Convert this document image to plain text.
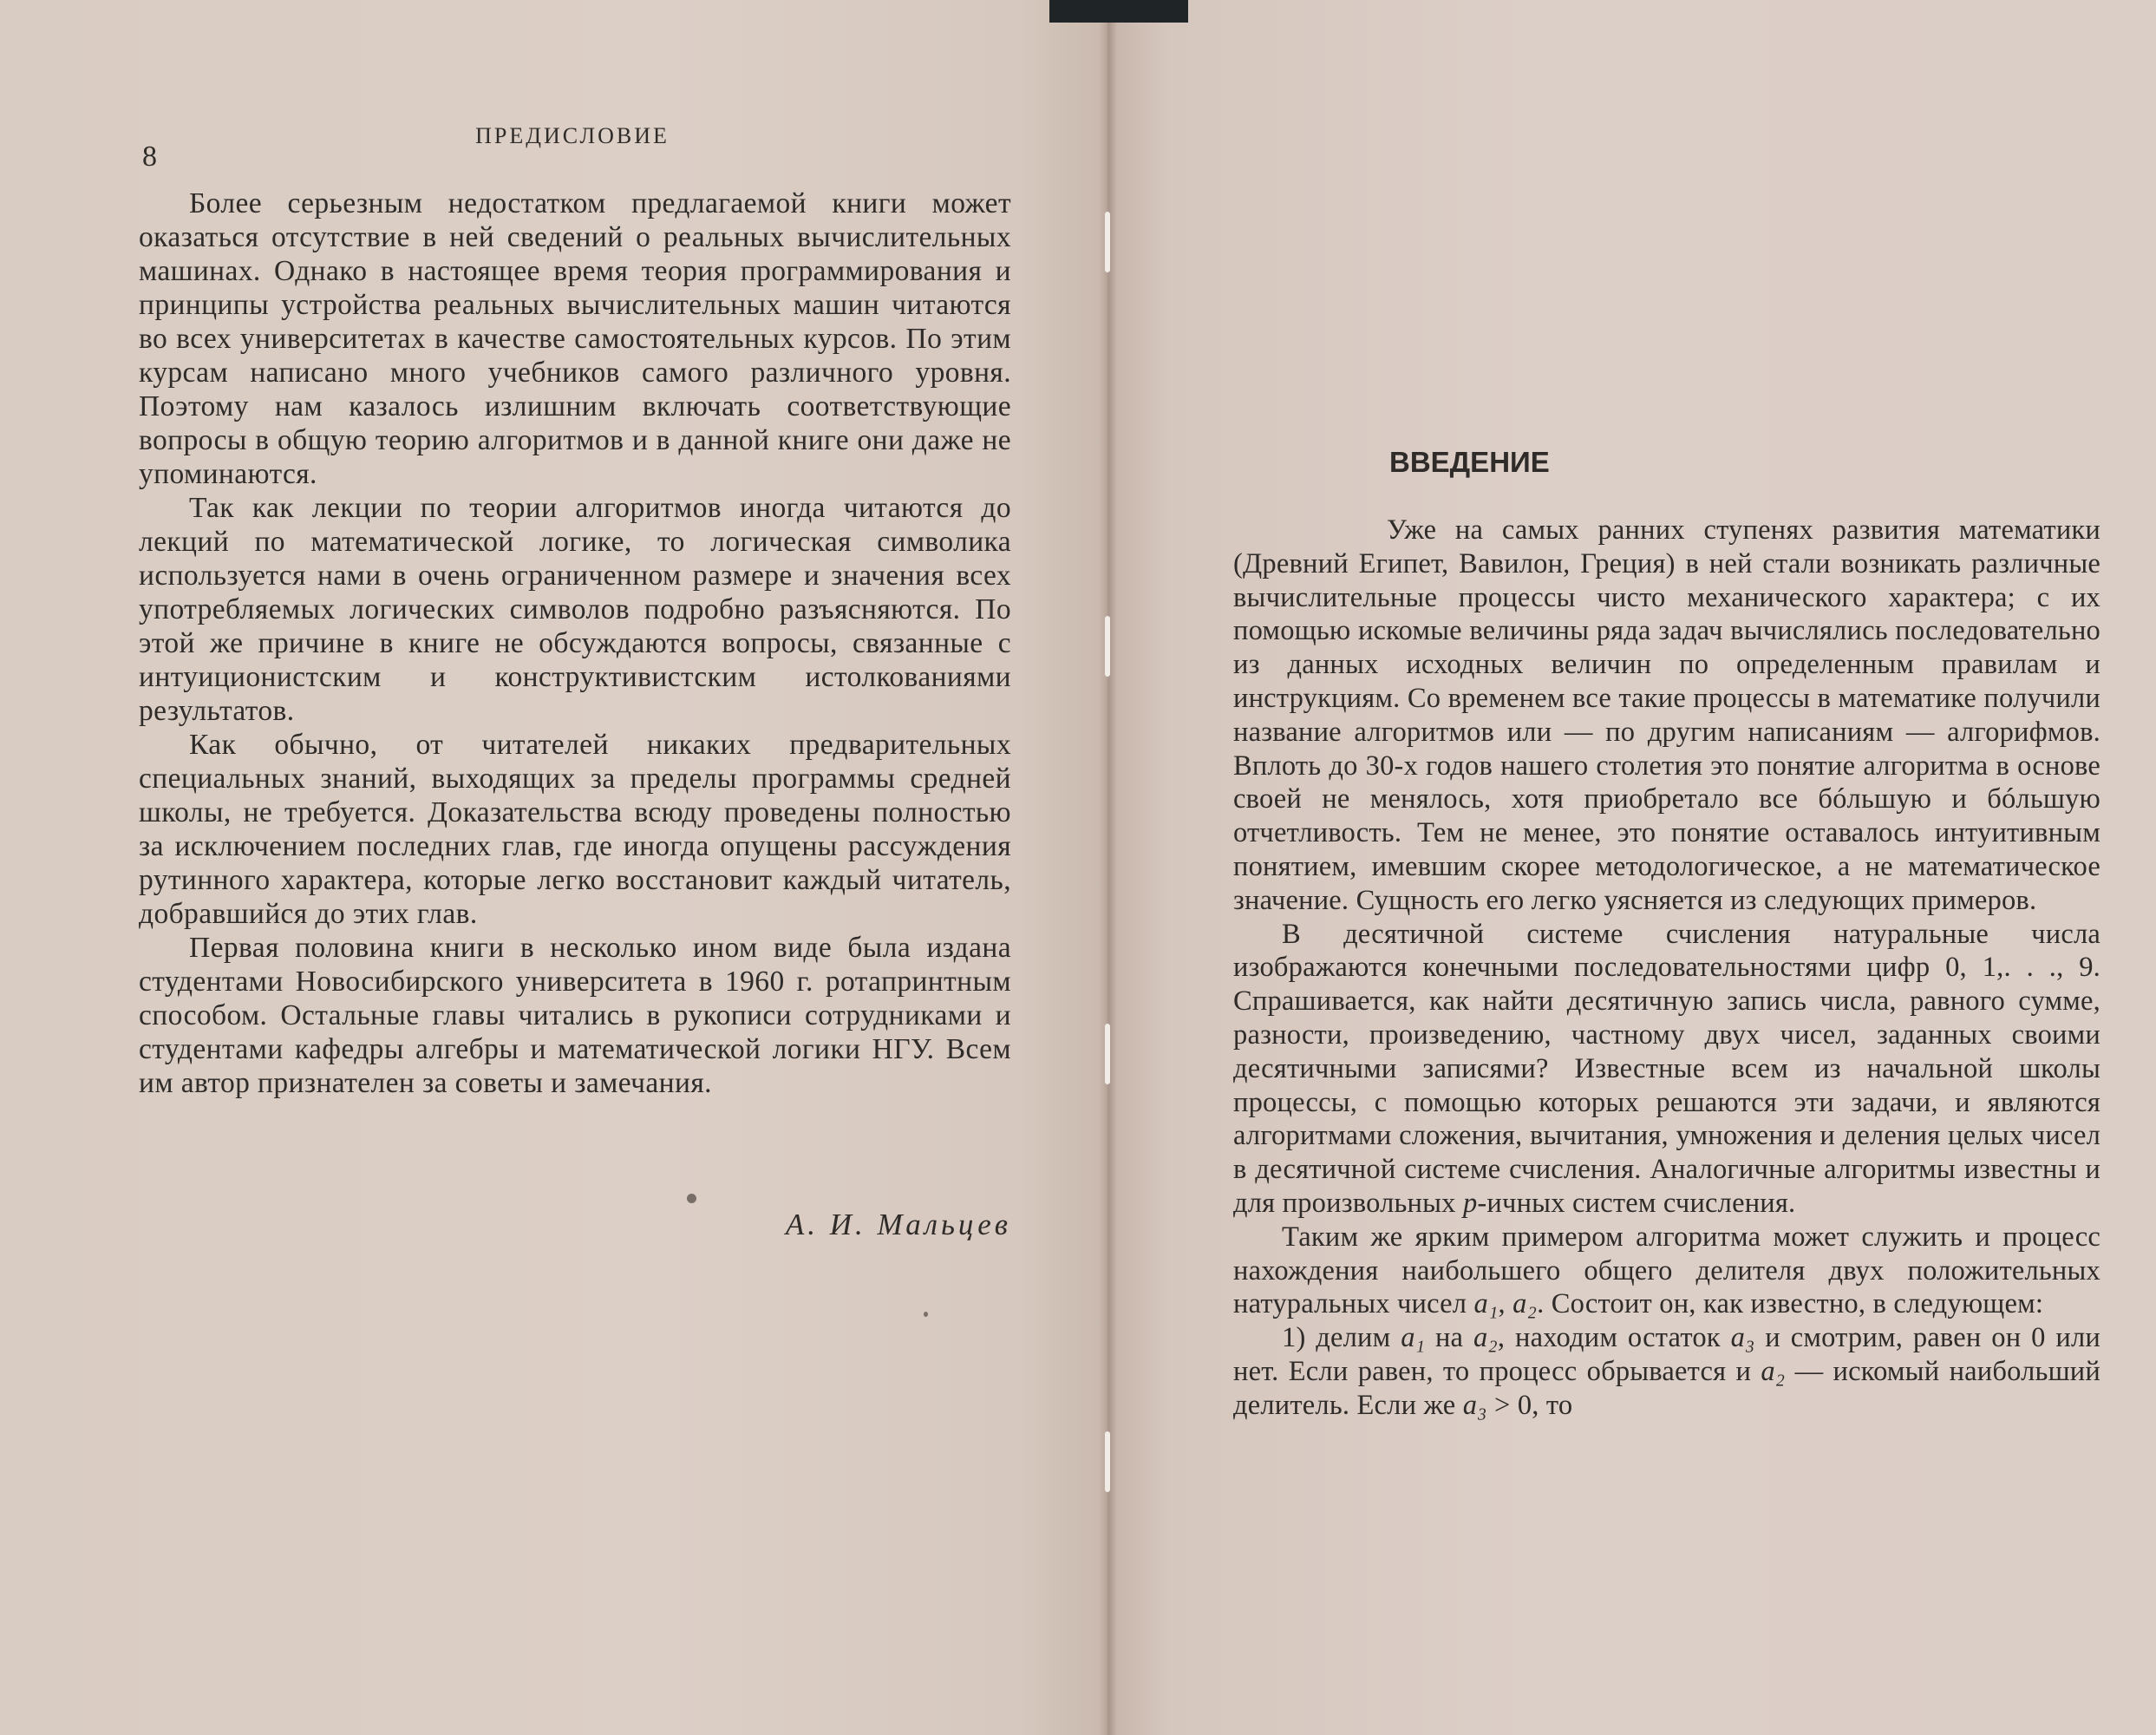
8
ПРЕДИСЛОВИЕ

Более серьезным недостатком предлагаемой книги может оказаться отсутствие в ней сведений о реальных вычислительных машинах. Однако в настоящее время теория программирования и принципы устройства реальных вычислительных машин читаются во всех университетах в качестве самостоятельных курсов. По этим курсам написано много учебников самого различного уровня. Поэтому нам казалось излишним включать соответствующие вопросы в общую теорию алгоритмов и в данной книге они даже не упоминаются.

Так как лекции по теории алгоритмов иногда читаются до лекций по математической логике, то логическая символика используется нами в очень ограниченном размере и значения всех употребляемых логических символов подробно разъясняются. По этой же причине в книге не обсуждаются вопросы, связанные с интуиционистским и конструктивистским истолкованиями результатов.

Как обычно, от читателей никаких предварительных специальных знаний, выходящих за пределы программы средней школы, не требуется. Доказательства всюду проведены полностью за исключением последних глав, где иногда опущены рассуждения рутинного характера, которые легко восстановит каждый читатель, добравшийся до этих глав.

Первая половина книги в несколько ином виде была издана студентами Новосибирского университета в 1960 г. ротапринтным способом. Остальные главы читались в рукописи сотрудниками и студентами кафедры алгебры и математической логики НГУ. Всем им автор признателен за советы и замечания.

А. И. Мальцев
ВВЕДЕНИЕ

Уже на самых ранних ступенях развития математики (Древний Египет, Вавилон, Греция) в ней стали возникать различные вычислительные процессы чисто механического характера; с их помощью искомые величины ряда задач вычислялись последовательно из данных исходных величин по определенным правилам и инструкциям. Со временем все такие процессы в математике получили название алгоритмов или — по другим написаниям — алгорифмов. Вплоть до 30-х годов нашего столетия это понятие алгоритма в основе своей не менялось, хотя приобретало все бóльшую и бóльшую отчетливость. Тем не менее, это понятие оставалось интуитивным понятием, имевшим скорее методологическое, а не математическое значение. Сущность его легко уясняется из следующих примеров.

В десятичной системе счисления натуральные числа изображаются конечными последовательностями цифр 0, 1,. . ., 9. Спрашивается, как найти десятичную запись числа, равного сумме, разности, произведению, частному двух чисел, заданных своими десятичными записями? Известные всем из начальной школы процессы, с помощью которых решаются эти задачи, и являются алгоритмами сложения, вычитания, умножения и деления целых чисел в десятичной системе счисления. Аналогичные алгоритмы известны и для произвольных p-ичных систем счисления.

Таким же ярким примером алгоритма может служить и процесс нахождения наибольшего общего делителя двух положительных натуральных чисел a₁, a₂. Состоит он, как известно, в следующем:

1) делим a₁ на a₂, находим остаток a₃ и смотрим, равен он 0 или нет. Если равен, то процесс обрывается и a₂ — искомый наибольший делитель. Если же a₃ > 0, то
